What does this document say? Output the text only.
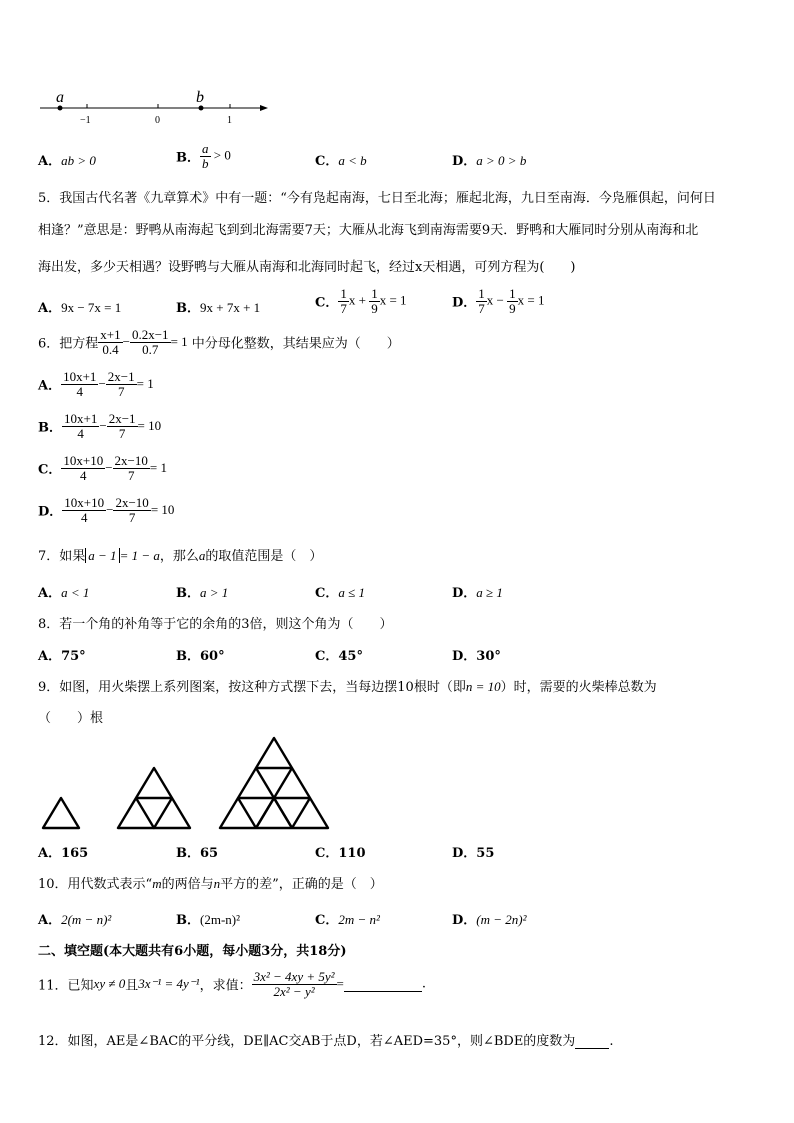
a	b
−1	0	1
A．ab > 0	B． $\frac{a}{b} > 0$	C．a < b	D．a > 0 > b
5．我国古代名著《九章算术》中有一题：“今有凫起南海，七日至北海；雁起北海，九日至南海．今凫雁俱起，问何日
相逢？”意思是：野鸭从南海起飞到到北海需要7天；大雁从北海飞到南海需要9天．野鸭和大雁同时分别从南海和北
海出发，多少天相遇？设野鸭与大雁从南海和北海同时起飞，经过x天相遇，可列方程为(　　)
A．9x − 7x = 1	B．9x + 7x + 1	C． $\frac{1}{7}$ $x + \frac{1}{9}$ x = 1	D． $\frac{1}{7}$ $x - \frac{1}{9}$ x = 1
6．把方程 $\frac{x+1}{0.4} - \frac{0.2x-1}{0.7} = 1$ 中分母化整数，其结果应为（　　）
A． $\frac{10x+1}{4} - \frac{2x-1}{7} = 1$
B． $\frac{10x+1}{4} - \frac{2x-1}{7} = 10$
C． $\frac{10x+10}{4} - \frac{2x-10}{7} = 1$
D． $\frac{10x+10}{4} - \frac{2x-10}{7} = 10$
7．如果 a − 1 = 1 − a，那么a的取值范围是（　）
A．a < 1	B．a > 1	C．a ≤ 1	D．a ≥ 1
8．若一个角的补角等于它的余角的3倍，则这个角为（　　）
A．75°	B．60°	C．45°	D．30°
9．如图，用火柴摆上系列图案，按这种方式摆下去，当每边摆10根时（即n = 10）时，需要的火柴棒总数为
（　　）根
A．165	B．65	C．110	D．55
10．用代数式表示“m的两倍与n平方的差”，正确的是（　）
A．2(m − n)²	B．(2m-n)²	C．2m − n²	D．(m − 2n)²
二、填空题(本大题共有6小题，每小题3分，共18分)
11．已知xy ≠ 0且3x⁻¹ = 4y⁻¹，求值： $\frac{\text{3x² − 4xy + 5y²}}{\text{2x² − y²}}$ =	.
12．如图，AE是∠BAC的平分线，DE∥AC交AB于点D，若∠AED=35°，则∠BDE的度数为	.
